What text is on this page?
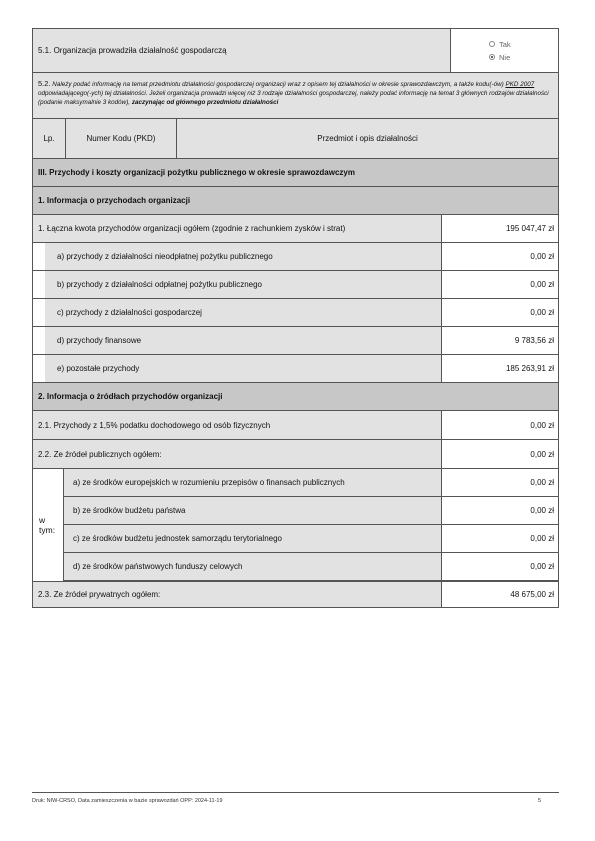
5.1. Organizacja prowadziła działalność gospodarczą
Tak
Nie
5.2. Należy podać informację na temat przedmiotu działalności gospodarczej organizacji wraz z opisem tej działalności w okresie sprawozdawczym, a także kodu(-ów) PKD 2007 odpowiadającego(-ych) tej działalności. Jeżeli organizacja prowadzi więcej niż 3 rodzaje działalności gospodarczej, należy podać informację na temat 3 głównych rodzajów działalności (podanie maksymalnie 3 kodów), zaczynając od głównego przedmiotu działalności
Lp.	Numer Kodu (PKD)	Przedmiot i opis działalności
III. Przychody i koszty organizacji pożytku publicznego w okresie sprawozdawczym
1. Informacja o przychodach organizacji
1. Łączna kwota przychodów organizacji ogółem (zgodnie z rachunkiem zysków i strat)	195 047,47 zł
a) przychody z działalności nieodpłatnej pożytku publicznego	0,00 zł
b) przychody z działalności odpłatnej pożytku publicznego	0,00 zł
c) przychody z działalności gospodarczej	0,00 zł
d) przychody finansowe	9 783,56 zł
e) pozostałe przychody	185 263,91 zł
2. Informacja o źródłach przychodów organizacji
2.1. Przychody z 1,5% podatku dochodowego od osób fizycznych	0,00 zł
2.2. Ze źródeł publicznych ogółem:	0,00 zł
w tym:
a) ze środków europejskich w rozumieniu przepisów o finansach publicznych	0,00 zł
b) ze środków budżetu państwa	0,00 zł
c) ze środków budżetu jednostek samorządu terytorialnego	0,00 zł
d) ze środków państwowych funduszy celowych	0,00 zł
2.3. Ze źródeł prywatnych ogółem:	48 675,00 zł
Druk: NIW-CRSO, Data zamieszczenia w bazie sprawozdań OPP: 2024-11-19	5
